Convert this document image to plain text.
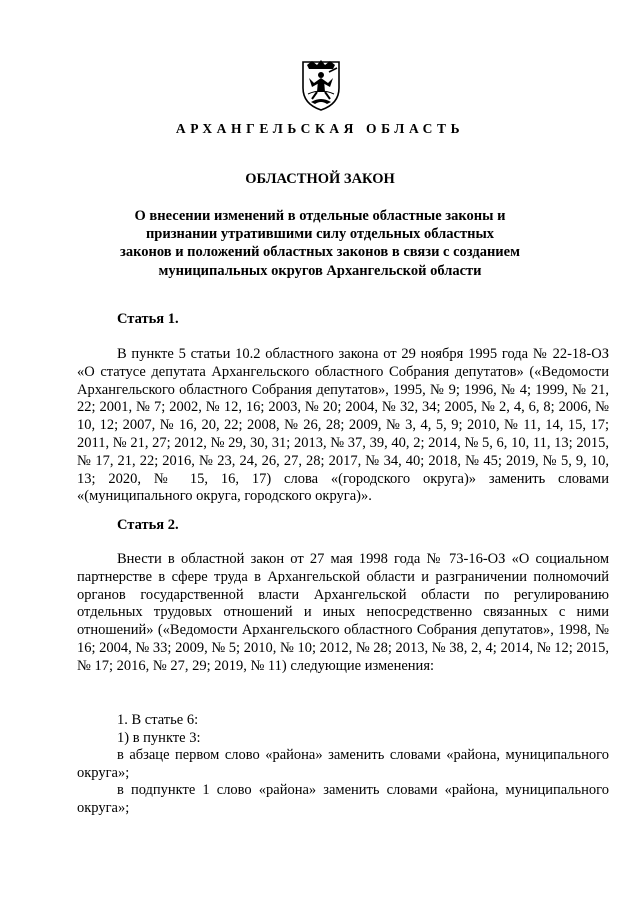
АРХАНГЕЛЬСКАЯ ОБЛАСТЬ
ОБЛАСТНОЙ ЗАКОН
О внесении изменений в отдельные областные законы и признании утратившими силу отдельных областных законов и положений областных законов в связи с созданием муниципальных округов Архангельской области
Статья 1.

В пункте 5 статьи 10.2 областного закона от 29 ноября 1995 года № 22-18-ОЗ «О статусе депутата Архангельского областного Собрания депутатов» («Ведомости Архангельского областного Собрания депутатов», 1995, № 9; 1996, № 4; 1999, № 21, 22; 2001, № 7; 2002, № 12, 16; 2003, № 20; 2004, № 32, 34; 2005, № 2, 4, 6, 8; 2006, № 10, 12; 2007, № 16, 20, 22; 2008, № 26, 28; 2009, № 3, 4, 5, 9; 2010, № 11, 14, 15, 17; 2011, № 21, 27; 2012, № 29, 30, 31; 2013, № 37, 39, 40, 2; 2014, № 5, 6, 10, 11, 13; 2015, № 17, 21, 22; 2016, № 23, 24, 26, 27, 28; 2017, № 34, 40; 2018, № 45; 2019, № 5, 9, 10, 13; 2020, № 15, 16, 17) слова «(городского округа)» заменить словами «(муниципального округа, городского округа)».

Статья 2.

Внести в областной закон от 27 мая 1998 года № 73-16-ОЗ «О социальном партнерстве в сфере труда в Архангельской области и разграничении полномочий органов государственной власти Архангельской области по регулированию отдельных трудовых отношений и иных непосредственно связанных с ними отношений» («Ведомости Архангельского областного Собрания депутатов», 1998, № 16; 2004, № 33; 2009, № 5; 2010, № 10; 2012, № 28; 2013, № 38, 2, 4; 2014, № 12; 2015, № 17; 2016, № 27, 29; 2019, № 11) следующие изменения:

1. В статье 6:
1) в пункте 3:

в абзаце первом слово «района» заменить словами «района, муниципального округа»;

в подпункте 1 слово «района» заменить словами «района, муниципального округа»;
